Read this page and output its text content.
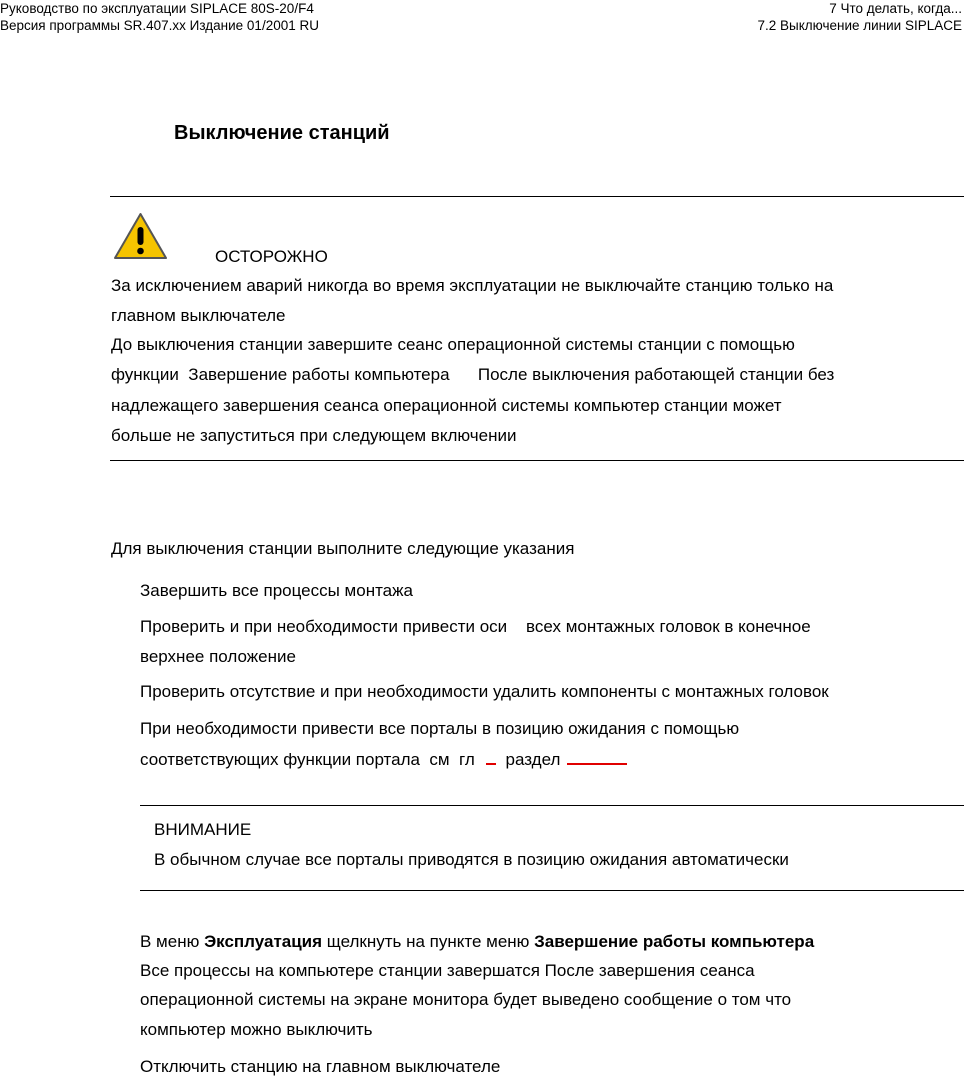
Руководство по эксплуатации SIPLACE 80S-20/F4
Версия программы SR.407.xx Издание 01/2001 RU
7 Что делать, когда...
7.2 Выключение линии SIPLACE
Выключение станций
ОСТОРОЖНО
За исключением аварий никогда во время эксплуатации не выключайте станцию только на
главном выключателе
До выключения станции завершите сеанс операционной системы станции с помощью
функции  Завершение работы компьютера      После выключения работающей станции без
надлежащего завершения сеанса операционной системы компьютер станции может
больше не запуститься при следующем включении
Для выключения станции выполните следующие указания
Завершить все процессы монтажа
Проверить и при необходимости привести оси    всех монтажных головок в конечное
верхнее положение
Проверить отсутствие и при необходимости удалить компоненты с монтажных головок
При необходимости привести все порталы в позицию ожидания с помощью
соответствующих функции портала  см  гл раздел
ВНИМАНИЕ
В обычном случае все порталы приводятся в позицию ожидания автоматически
В меню Эксплуатация щелкнуть на пункте меню Завершение работы компьютера
Все процессы на компьютере станции завершатся После завершения сеанса
операционной системы на экране монитора будет выведено сообщение о том что
компьютер можно выключить
Отключить станцию на главном выключателе
